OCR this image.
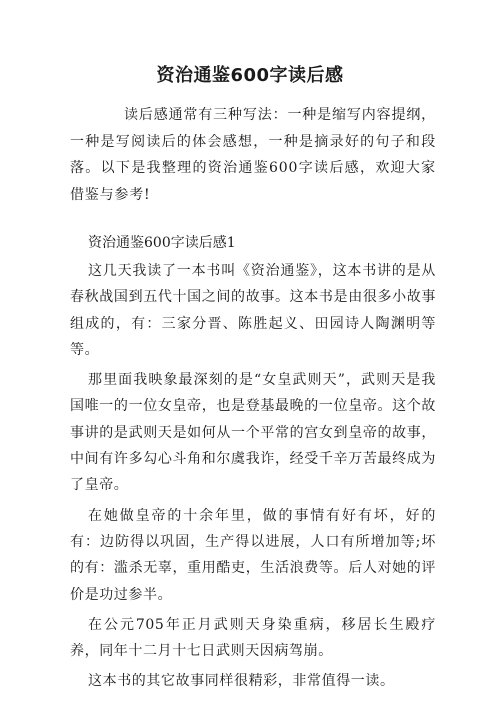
资治通鉴600字读后感

读后感通常有三种写法：一种是缩写内容提纲，一种是写阅读后的体会感想，一种是摘录好的句子和段落。以下是我整理的资治通鉴600字读后感，欢迎大家借鉴与参考!

资治通鉴600字读后感1

这几天我读了一本书叫《资治通鉴》，这本书讲的是从春秋战国到五代十国之间的故事。这本书是由很多小故事组成的，有：三家分晋、陈胜起义、田园诗人陶渊明等等。

那里面我映象最深刻的是“女皇武则天”，武则天是我国唯一的一位女皇帝，也是登基最晚的一位皇帝。这个故事讲的是武则天是如何从一个平常的宫女到皇帝的故事，中间有许多勾心斗角和尔虞我诈，经受千辛万苦最终成为了皇帝。

在她做皇帝的十余年里，做的事情有好有坏，好的有：边防得以巩固，生产得以进展，人口有所增加等;坏的有：滥杀无辜，重用酷吏，生活浪费等。后人对她的评价是功过参半。

在公元705年正月武则天身染重病，移居长生殿疗养，同年十二月十七日武则天因病驾崩。

这本书的其它故事同样很精彩，非常值得一读。
